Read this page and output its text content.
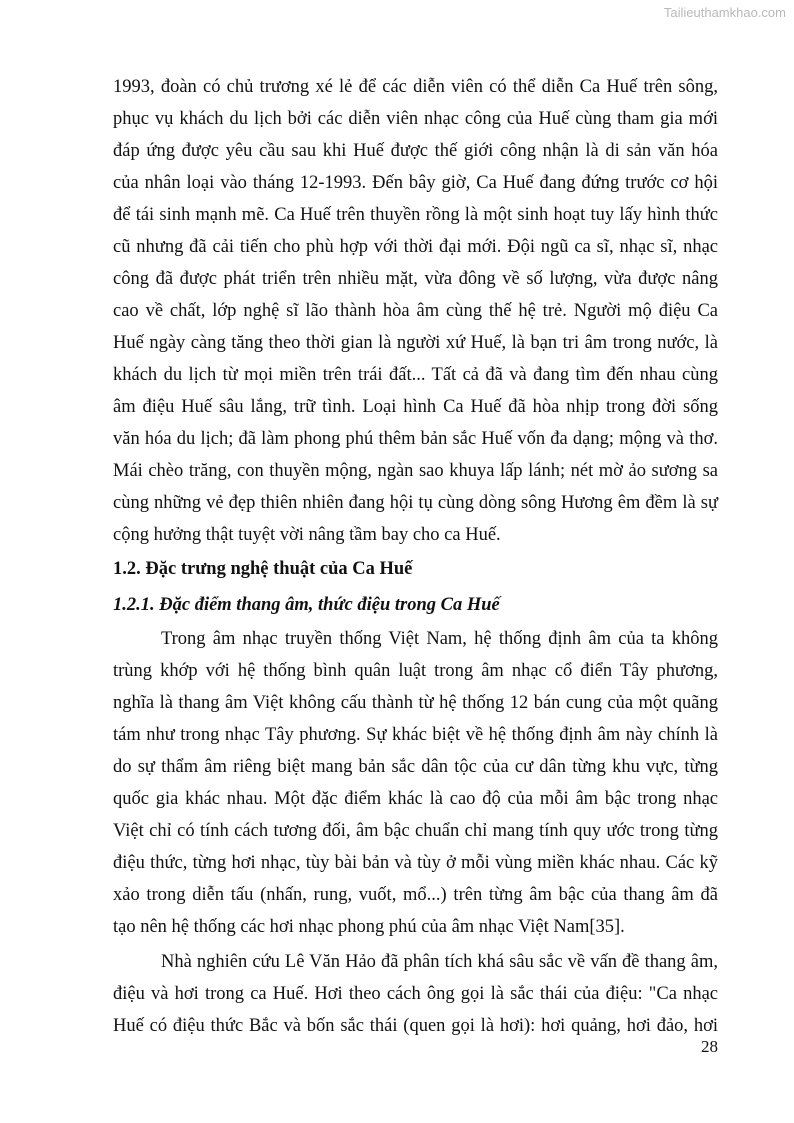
Tailieuthamkhao.com
1993, đoàn có chủ trương xé lẻ để các diễn viên có thể diễn Ca Huế trên sông,
phục vụ khách du lịch bởi các diễn viên nhạc công của Huế cùng tham gia mới
đáp ứng được yêu cầu sau khi Huế được thế giới công nhận là di sản văn hóa
của nhân loại vào tháng 12-1993. Đến bây giờ, Ca Huế đang đứng trước cơ hội
để tái sinh mạnh mẽ. Ca Huế trên thuyền rồng là một sinh hoạt tuy lấy hình thức
cũ nhưng đã cải tiến cho phù hợp với thời đại mới. Đội ngũ ca sĩ, nhạc sĩ, nhạc
công đã được phát triển trên nhiều mặt, vừa đông về số lượng, vừa được nâng
cao về chất, lớp nghệ sĩ lão thành hòa âm cùng thế hệ trẻ. Người mộ điệu Ca
Huế ngày càng tăng theo thời gian là người xứ Huế, là bạn tri âm trong nước, là
khách du lịch từ mọi miền trên trái đất... Tất cả đã và đang tìm đến nhau cùng
âm điệu Huế sâu lắng, trữ tình. Loại hình Ca Huế đã hòa nhịp trong đời sống
văn hóa du lịch; đã làm phong phú thêm bản sắc Huế vốn đa dạng; mộng và thơ.
Mái chèo trăng, con thuyền mộng, ngàn sao khuya lấp lánh; nét mờ ảo sương sa
cùng những vẻ đẹp thiên nhiên đang hội tụ cùng dòng sông Hương êm đềm là sự
cộng hưởng thật tuyệt vời nâng tầm bay cho ca Huế.
1.2. Đặc trưng nghệ thuật của Ca Huế
1.2.1. Đặc điểm thang âm, thức điệu trong Ca Huế
Trong âm nhạc truyền thống Việt Nam, hệ thống định âm của ta không
trùng khớp với hệ thống bình quân luật trong âm nhạc cổ điển Tây phương,
nghĩa là thang âm Việt không cấu thành từ hệ thống 12 bán cung của một quãng
tám như trong nhạc Tây phương. Sự khác biệt về hệ thống định âm này chính là
do sự thẩm âm riêng biệt mang bản sắc dân tộc của cư dân từng khu vực, từng
quốc gia khác nhau. Một đặc điểm khác là cao độ của mỗi âm bậc trong nhạc
Việt chỉ có tính cách tương đối, âm bậc chuẩn chỉ mang tính quy ước trong từng
điệu thức, từng hơi nhạc, tùy bài bản và tùy ở mỗi vùng miền khác nhau. Các kỹ
xảo trong diễn tấu (nhấn, rung, vuốt, mổ...) trên từng âm bậc của thang âm đã
tạo nên hệ thống các hơi nhạc phong phú của âm nhạc Việt Nam[35].
Nhà nghiên cứu Lê Văn Hảo đã phân tích khá sâu sắc về vấn đề thang âm,
điệu và hơi trong ca Huế. Hơi theo cách ông gọi là sắc thái của điệu: "Ca nhạc
Huế có điệu thức Bắc và bốn sắc thái (quen gọi là hơi): hơi quảng, hơi đảo, hơi
28
